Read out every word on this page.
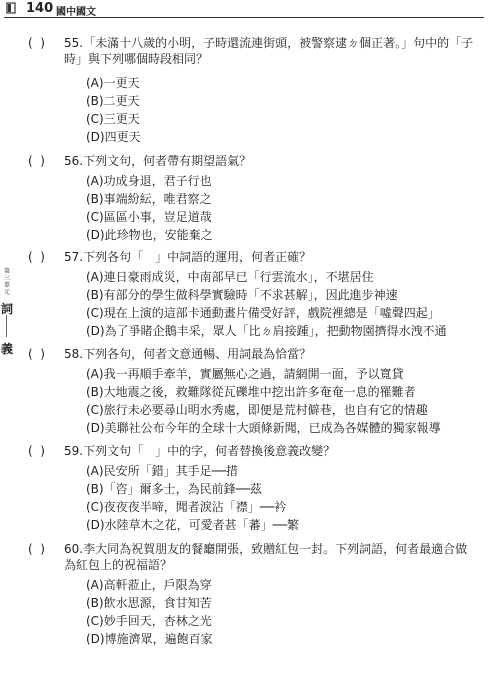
140 國中國文
第三單元
詞
義
(  ) 55.「未滿十八歲的小明，子時還流連街頭，被警察逮ㄉ個正著。」句中的「子時」與下列哪個時段相同？
(A)一更天
(B)二更天
(C)三更天
(D)四更天
(  ) 56.下列文句，何者帶有期望語氣？
(A)功成身退，君子行也
(B)事端紛紜，唯君察之
(C)區區小事，豈足道哉
(D)此珍物也，安能棄之
(  ) 57.下列各句「　」中詞語的運用，何者正確？
(A)連日豪雨成災，中南部早已「行雲流水」，不堪居住
(B)有部分的學生做科學實驗時「不求甚解」，因此進步神速
(C)現在上演的這部卡通動畫片備受好評，戲院裡總是「噓聲四起」
(D)為了爭睹企鵝丰采，眾人「比ㄉ肩接踵」，把動物園擠得水洩不通
(  ) 58.下列各句，何者文意通暢、用詞最為恰當？
(A)我一再順手牽羊，實屬無心之過，請網開一面，予以寬貸
(B)大地震之後，救難隊從瓦礫堆中挖出許多奄奄一息的罹難者
(C)旅行未必要尋山明水秀處，即便是荒村僻巷，也自有它的情趣
(D)美聯社公布今年的全球十大頭條新聞，已成為各媒體的獨家報導
(  ) 59.下列文句「　」中的字，何者替換後意義改變？
(A)民安所「錯」其手足──措
(B)「咨」爾多士，為民前鋒──茲
(C)夜夜夜半啼，聞者淚沾「襟」──衿
(D)水陸草木之花，可愛者甚「蕃」──繁
(  ) 60.李大同為祝賀朋友的餐廳開張，致贈紅包一封。下列詞語，何者最適合做為紅包上的祝福語？
(A)高軒蒞止，戶限為穿
(B)飲水思源，食甘知苦
(C)妙手回天，杏林之光
(D)博施濟眾，遍飽百家
